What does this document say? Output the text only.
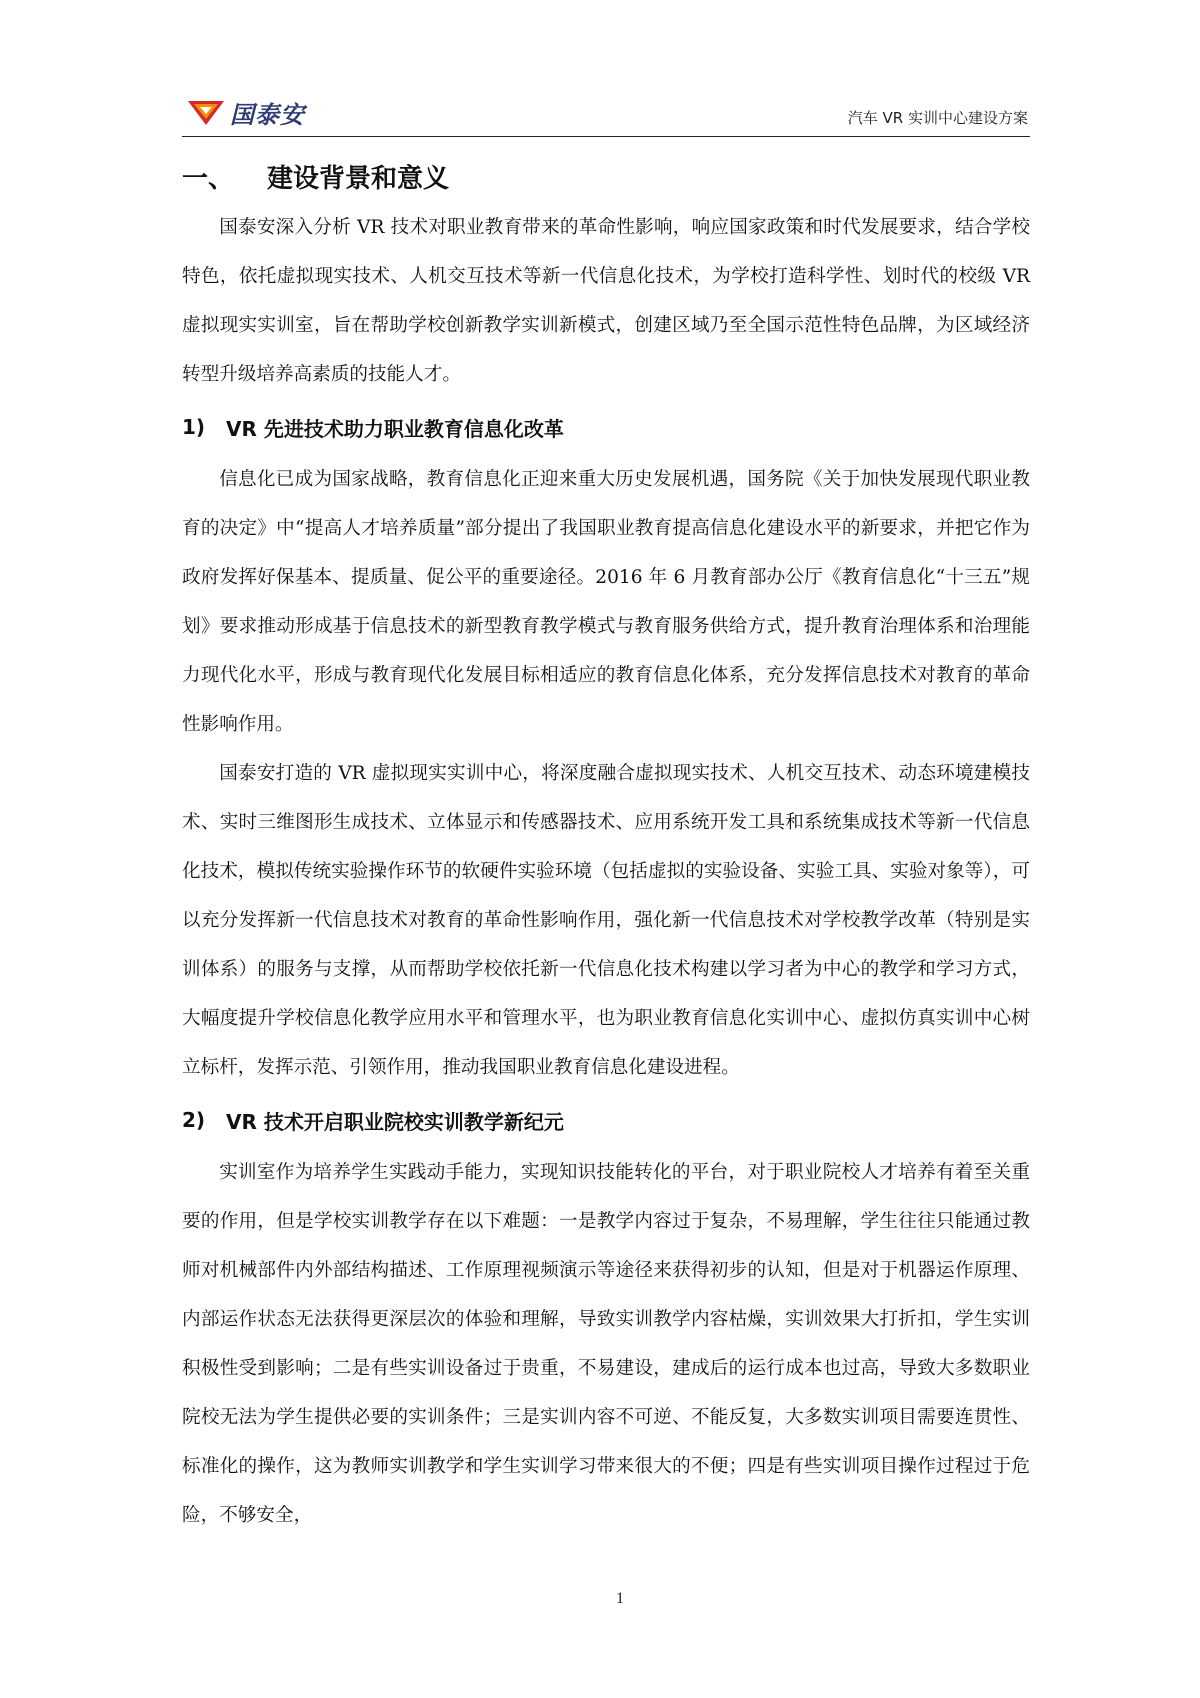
国泰安	汽车 VR 实训中心建设方案
一、	建设背景和意义

国泰安深入分析 VR 技术对职业教育带来的革命性影响，响应国家政策和时代发展要求，结合学校特色，依托虚拟现实技术、人机交互技术等新一代信息化技术，为学校打造科学性、划时代的校级 VR 虚拟现实实训室，旨在帮助学校创新教学实训新模式，创建区域乃至全国示范性特色品牌，为区域经济转型升级培养高素质的技能人才。

1)	VR 先进技术助力职业教育信息化改革

信息化已成为国家战略，教育信息化正迎来重大历史发展机遇，国务院《关于加快发展现代职业教育的决定》中“提高人才培养质量”部分提出了我国职业教育提高信息化建设水平的新要求，并把它作为政府发挥好保基本、提质量、促公平的重要途径。2016 年 6 月教育部办公厅《教育信息化“十三五”规划》要求推动形成基于信息技术的新型教育教学模式与教育服务供给方式，提升教育治理体系和治理能力现代化水平，形成与教育现代化发展目标相适应的教育信息化体系，充分发挥信息技术对教育的革命性影响作用。

国泰安打造的 VR 虚拟现实实训中心，将深度融合虚拟现实技术、人机交互技术、动态环境建模技术、实时三维图形生成技术、立体显示和传感器技术、应用系统开发工具和系统集成技术等新一代信息化技术，模拟传统实验操作环节的软硬件实验环境（包括虚拟的实验设备、实验工具、实验对象等），可以充分发挥新一代信息技术对教育的革命性影响作用，强化新一代信息技术对学校教学改革（特别是实训体系）的服务与支撑，从而帮助学校依托新一代信息化技术构建以学习者为中心的教学和学习方式，大幅度提升学校信息化教学应用水平和管理水平，也为职业教育信息化实训中心、虚拟仿真实训中心树立标杆，发挥示范、引领作用，推动我国职业教育信息化建设进程。

2)	VR 技术开启职业院校实训教学新纪元

实训室作为培养学生实践动手能力，实现知识技能转化的平台，对于职业院校人才培养有着至关重要的作用，但是学校实训教学存在以下难题：一是教学内容过于复杂，不易理解，学生往往只能通过教师对机械部件内外部结构描述、工作原理视频演示等途径来获得初步的认知，但是对于机器运作原理、内部运作状态无法获得更深层次的体验和理解，导致实训教学内容枯燥，实训效果大打折扣，学生实训积极性受到影响；二是有些实训设备过于贵重，不易建设，建成后的运行成本也过高，导致大多数职业院校无法为学生提供必要的实训条件；三是实训内容不可逆、不能反复，大多数实训项目需要连贯性、标准化的操作，这为教师实训教学和学生实训学习带来很大的不便；四是有些实训项目操作过程过于危险，不够安全，

1
